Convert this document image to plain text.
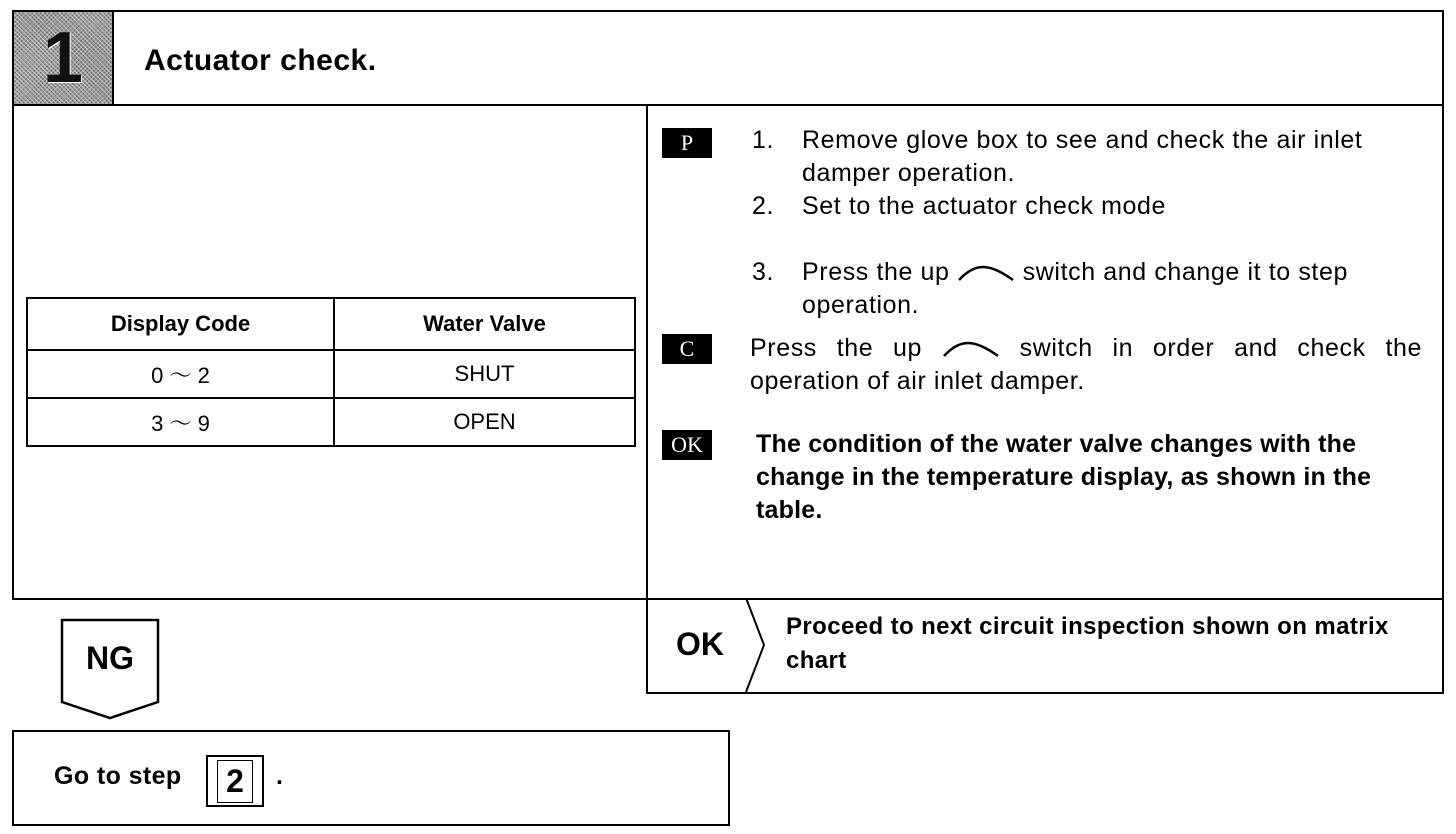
1 Actuator check.
Display Code	Water Valve
0 ～ 2	SHUT
3 ～ 9	OPEN
P	1. Remove glove box to see and check the air inlet damper operation.
2. Set to the actuator check mode
3. Press the up	switch and change it to step operation.
C	Press the up	switch in order and check the operation of air inlet damper.
OK	The condition of the water valve changes with the change in the temperature display, as shown in the table.
OK	Proceed to next circuit inspection shown on matrix chart
NG
Go to step 2	.
